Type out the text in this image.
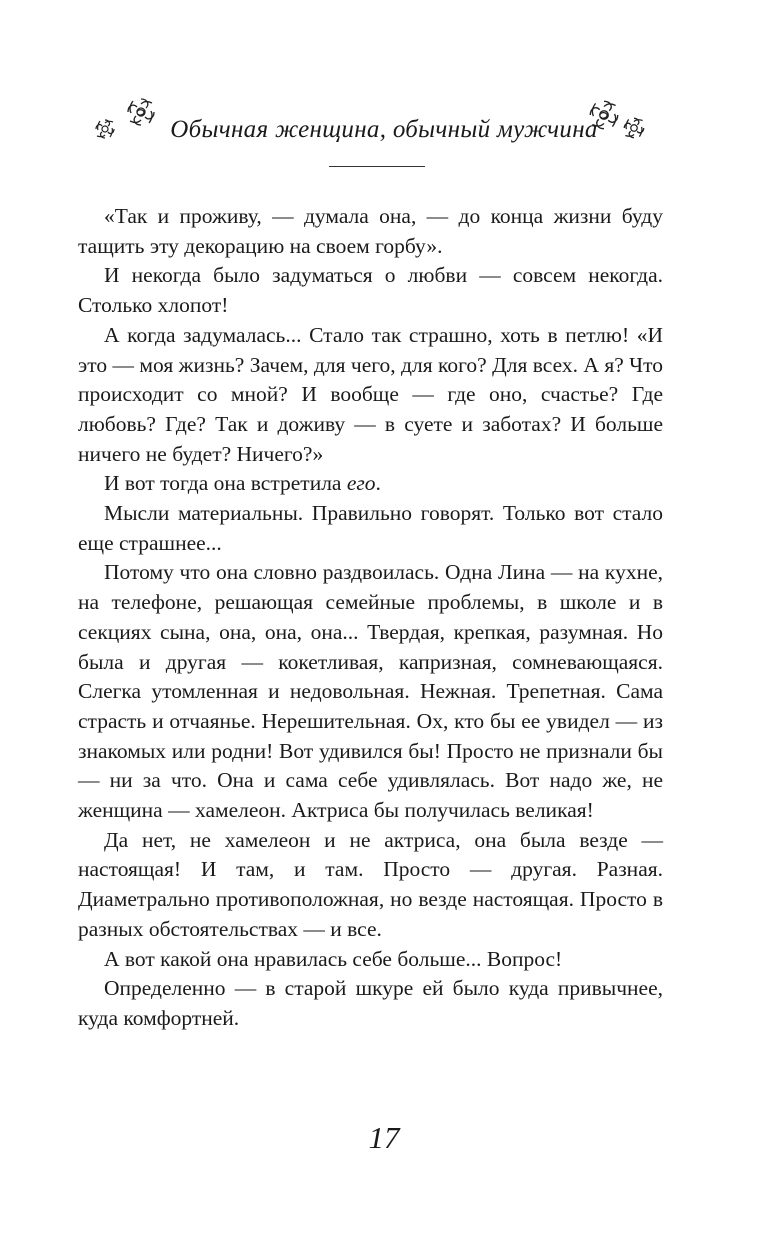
Обычная женщина, обычный мужчина

«Так и проживу, — думала она, — до конца жизни буду тащить эту декорацию на своем горбу».

И некогда было задуматься о любви — совсем некогда. Столько хлопот!

А когда задумалась... Стало так страшно, хоть в петлю! «И это — моя жизнь? Зачем, для чего, для кого? Для всех. А я? Что происходит со мной? И вообще — где оно, счастье? Где любовь? Где? Так и доживу — в суете и заботах? И больше ничего не будет? Ничего?»

И вот тогда она встретила его.

Мысли материальны. Правильно говорят. Только вот стало еще страшнее...

Потому что она словно раздвоилась. Одна Лина — на кухне, на телефоне, решающая семейные проблемы, в школе и в секциях сына, она, она, она... Твердая, крепкая, разумная. Но была и другая — кокетливая, капризная, сомневающаяся. Слегка утомленная и недовольная. Нежная. Трепетная. Сама страсть и отчаянье. Нерешительная. Ох, кто бы ее увидел — из знакомых или родни! Вот удивился бы! Просто не признали бы — ни за что. Она и сама себе удивлялась. Вот надо же, не женщина — хамелеон. Актриса бы получилась великая!

Да нет, не хамелеон и не актриса, она была везде — настоящая! И там, и там. Просто — другая. Разная. Диаметрально противоположная, но везде настоящая. Просто в разных обстоятельствах — и все.

А вот какой она нравилась себе больше... Вопрос!

Определенно — в старой шкуре ей было куда привычнее, куда комфортней.

17
